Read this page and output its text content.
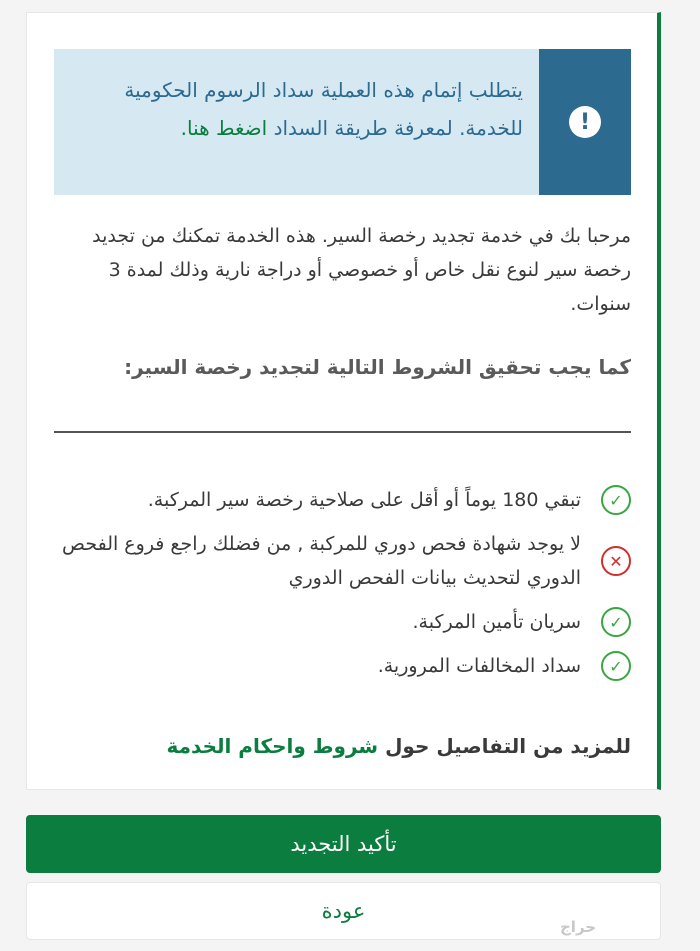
!
يتطلب إتمام هذه العملية سداد الرسوم الحكومية للخدمة. لمعرفة طريقة السداد اضغط هنا.

مرحبا بك في خدمة تجديد رخصة السير. هذه الخدمة تمكنك من تجديد رخصة سير لنوع نقل خاص أو خصوصي أو دراجة نارية وذلك لمدة 3 سنوات.

كما يجب تحقيق الشروط التالية لتجديد رخصة السير:
✓
تبقي 180 يوماً أو أقل على صلاحية رخصة سير المركبة.
✕
لا يوجد شهادة فحص دوري للمركبة , من فضلك راجع فروع الفحص الدوري لتحديث بيانات الفحص الدوري
✓
سريان تأمين المركبة.
✓
سداد المخالفات المرورية.

للمزيد من التفاصيل حول شروط واحكام الخدمة

تأكيد التجديد
عودة
حراج
